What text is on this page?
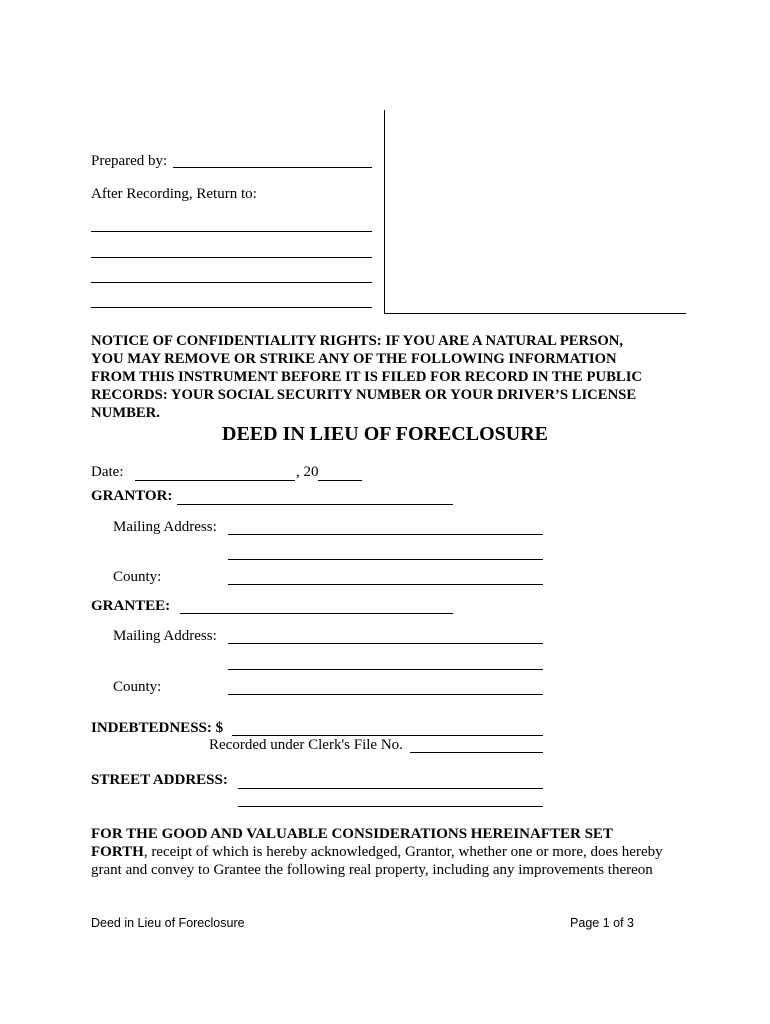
Prepared by:
After Recording, Return to:
NOTICE OF CONFIDENTIALITY RIGHTS: IF YOU ARE A NATURAL PERSON,
YOU MAY REMOVE OR STRIKE ANY OF THE FOLLOWING INFORMATION
FROM THIS INSTRUMENT BEFORE IT IS FILED FOR RECORD IN THE PUBLIC
RECORDS: YOUR SOCIAL SECURITY NUMBER OR YOUR DRIVER’S LICENSE
NUMBER.
DEED IN LIEU OF FORECLOSURE
Date:	, 20
GRANTOR:
Mailing Address:
County:
GRANTEE:
Mailing Address:
County:
INDEBTEDNESS: $
Recorded under Clerk's File No.
STREET ADDRESS:
FOR THE GOOD AND VALUABLE CONSIDERATIONS HEREINAFTER SET
FORTH, receipt of which is hereby acknowledged, Grantor, whether one or more, does hereby
grant and convey to Grantee the following real property, including any improvements thereon
Deed in Lieu of Foreclosure	Page 1 of 3
